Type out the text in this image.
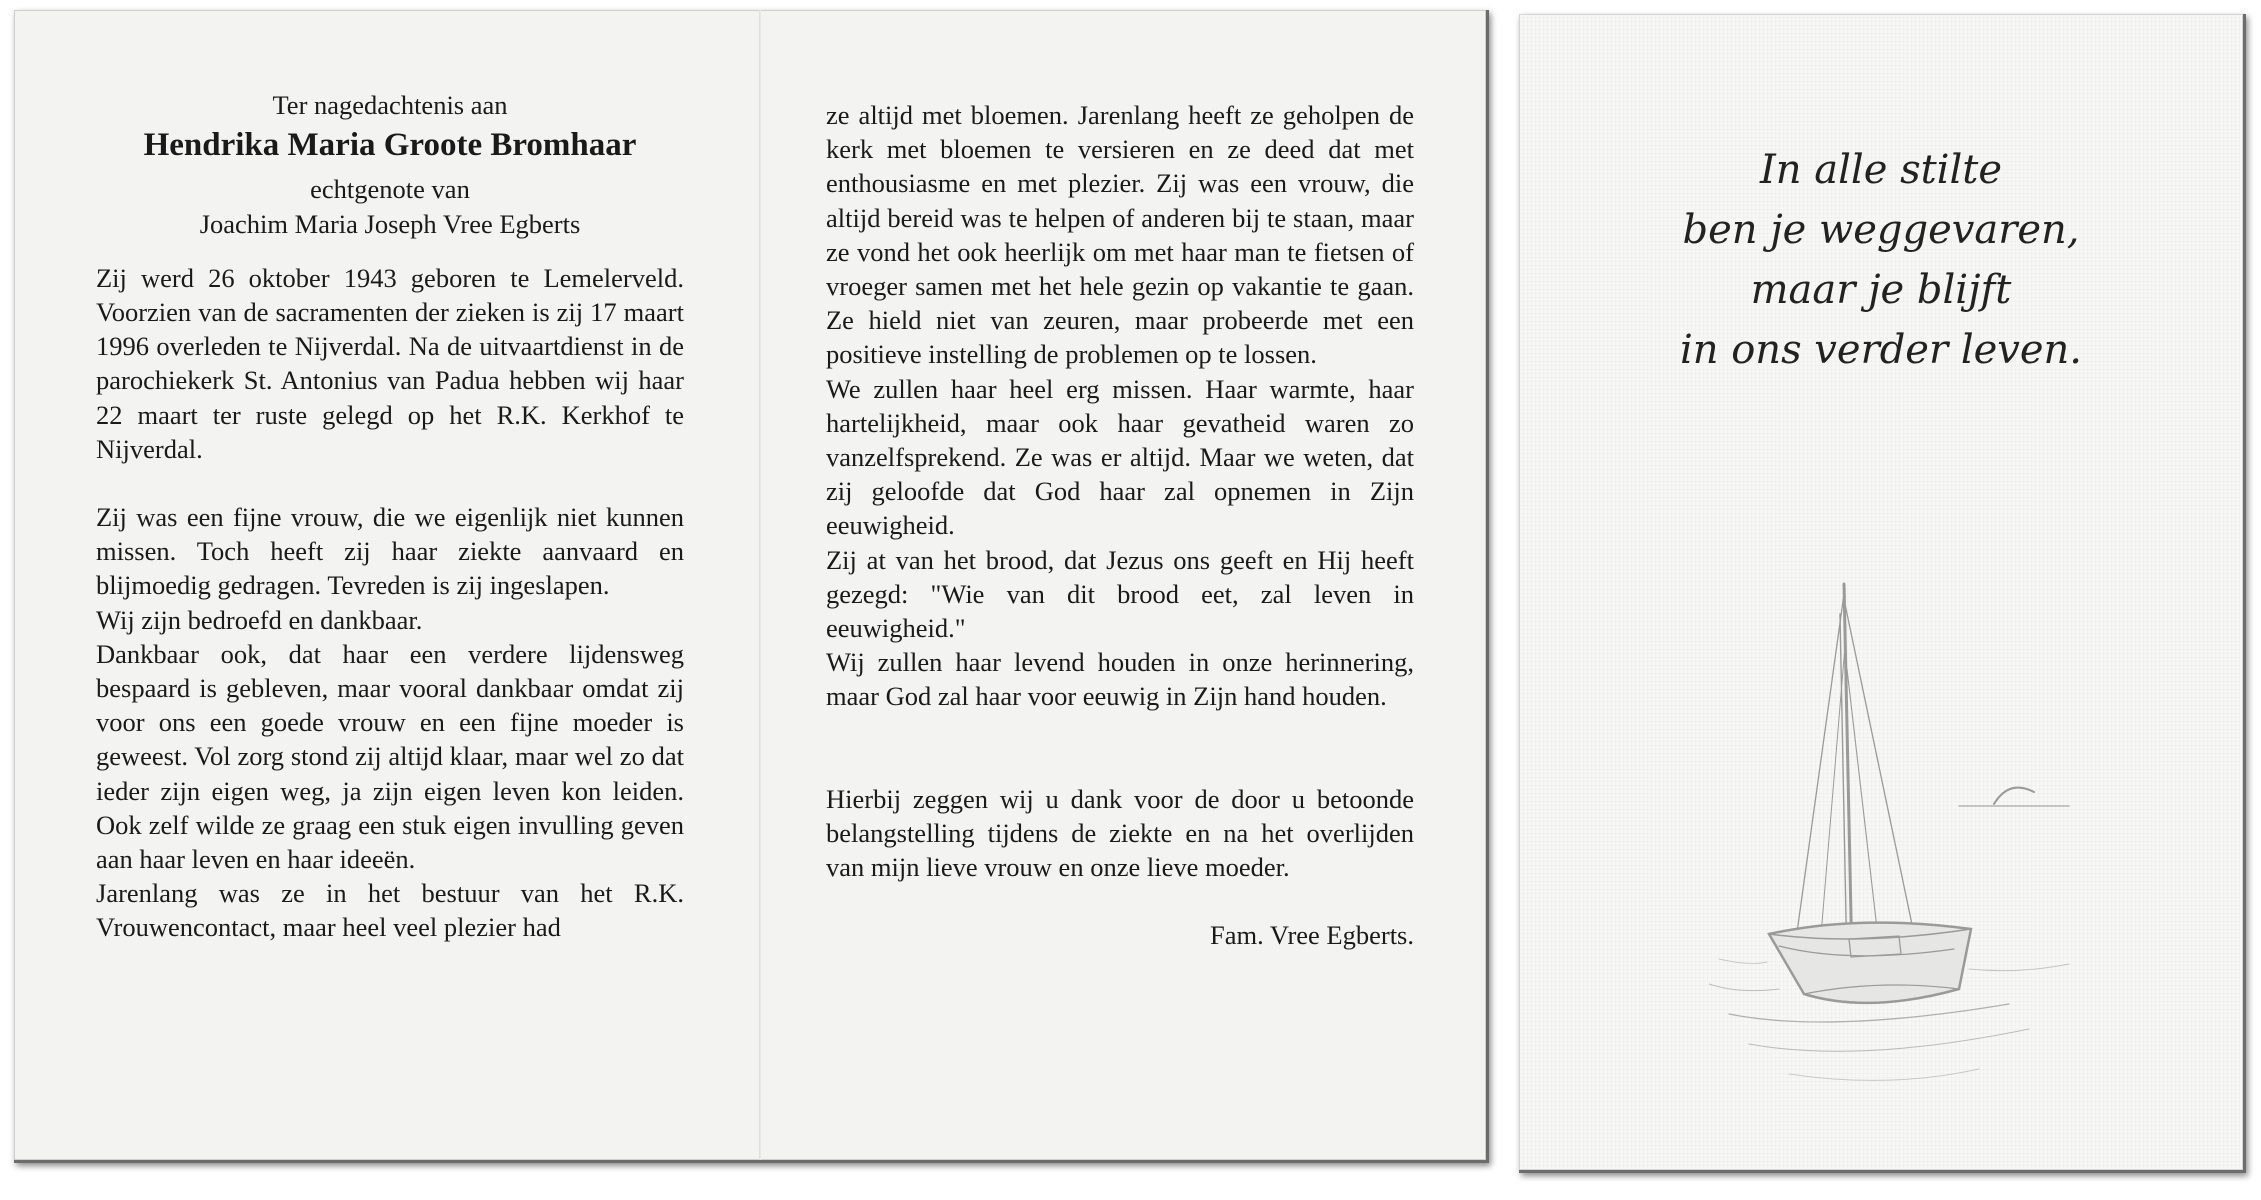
Ter nagedachtenis aan

Hendrika Maria Groote Bromhaar

echtgenote van

Joachim Maria Joseph Vree Egberts

Zij werd 26 oktober 1943 geboren te Lemelerveld. Voorzien van de sacramenten der zieken is zij 17 maart 1996 overleden te Nijverdal. Na de uitvaartdienst in de parochiekerk St. Antonius van Padua hebben wij haar 22 maart ter ruste gelegd op het R.K. Kerkhof te Nijverdal.

Zij was een fijne vrouw, die we eigenlijk niet kunnen missen. Toch heeft zij haar ziekte aanvaard en blijmoedig gedragen. Tevreden is zij ingeslapen.

Wij zijn bedroefd en dankbaar.

Dankbaar ook, dat haar een verdere lijdensweg bespaard is gebleven, maar vooral dankbaar omdat zij voor ons een goede vrouw en een fijne moeder is geweest. Vol zorg stond zij altijd klaar, maar wel zo dat ieder zijn eigen weg, ja zijn eigen leven kon leiden. Ook zelf wilde ze graag een stuk eigen invulling geven aan haar leven en haar ideeën.

Jarenlang was ze in het bestuur van het R.K. Vrouwencontact, maar heel veel plezier had

ze altijd met bloemen. Jarenlang heeft ze geholpen de kerk met bloemen te versieren en ze deed dat met enthousiasme en met plezier. Zij was een vrouw, die altijd bereid was te helpen of anderen bij te staan, maar ze vond het ook heerlijk om met haar man te fietsen of vroeger samen met het hele gezin op vakantie te gaan. Ze hield niet van zeuren, maar probeerde met een positieve instelling de problemen op te lossen.

We zullen haar heel erg missen. Haar warmte, haar hartelijkheid, maar ook haar gevatheid waren zo vanzelfsprekend. Ze was er altijd. Maar we weten, dat zij geloofde dat God haar zal opnemen in Zijn eeuwigheid.

Zij at van het brood, dat Jezus ons geeft en Hij heeft gezegd: "Wie van dit brood eet, zal leven in eeuwigheid."

Wij zullen haar levend houden in onze herinnering, maar God zal haar voor eeuwig in Zijn hand houden.

Hierbij zeggen wij u dank voor de door u betoonde belangstelling tijdens de ziekte en na het overlijden van mijn lieve vrouw en onze lieve moeder.

Fam. Vree Egberts.

In alle stilte
ben je weggevaren,
maar je blijft
in ons verder leven.
